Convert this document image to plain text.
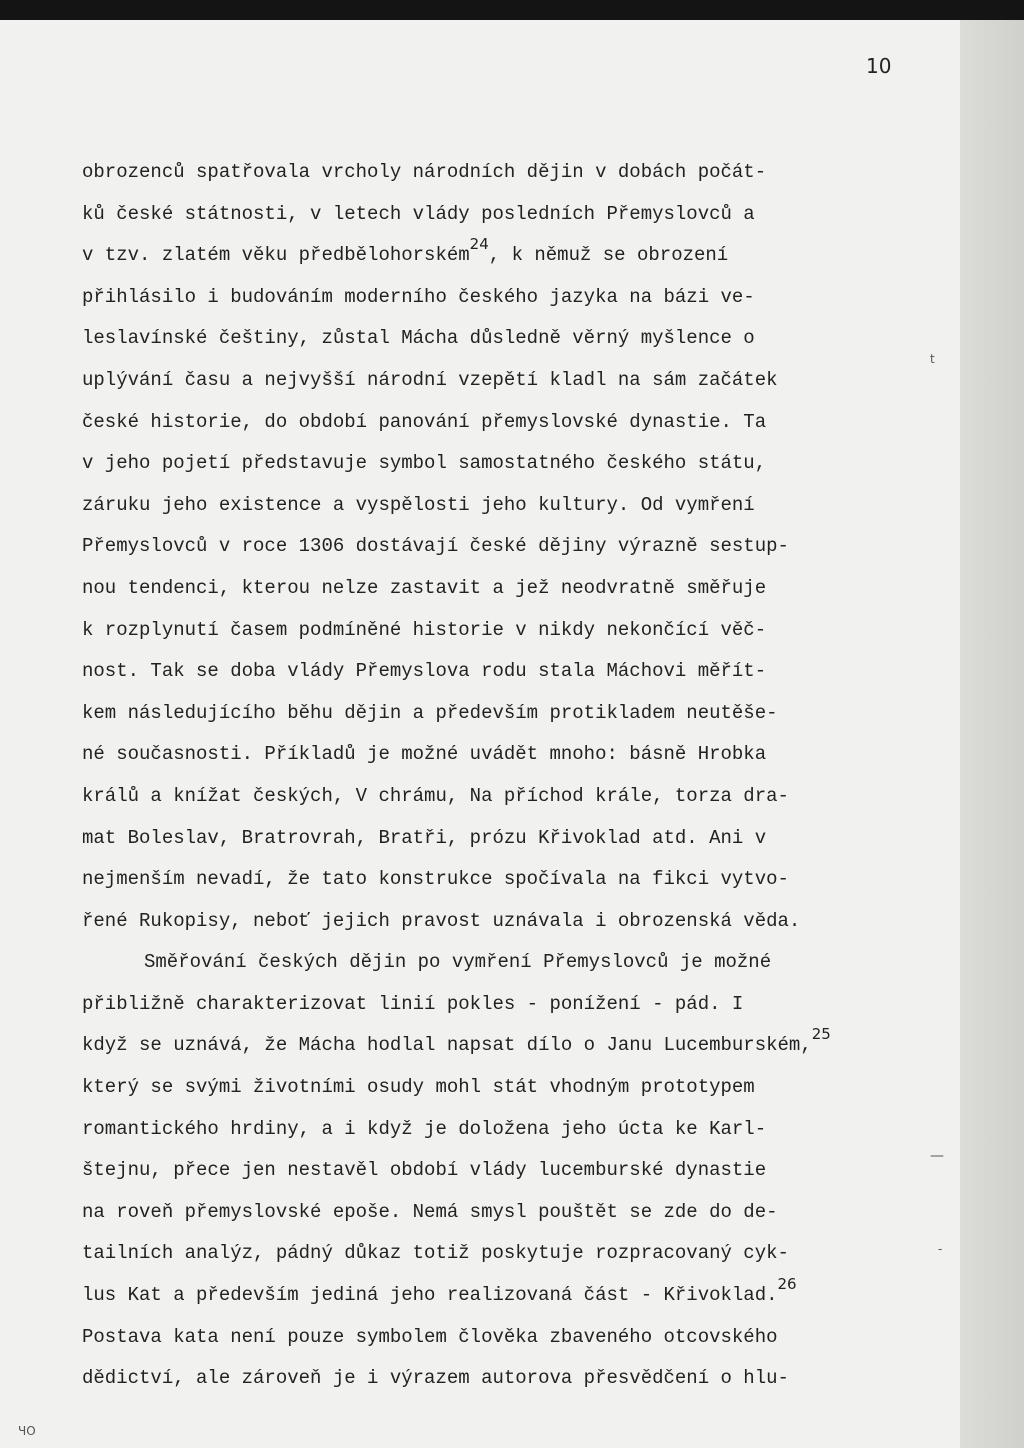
10
obrozenců spatřovala vrcholy národních dějin v dobách počát-
ků české státnosti, v letech vlády posledních Přemyslovců a
v tzv. zlatém věku předbělohorském$^{24}$, k němuž se obrození
přihlásilo i budováním moderního českého jazyka na bázi ve-
leslavínské češtiny, zůstal Mácha důsledně věrný myšlence o
uplývání času a nejvyšší národní vzepětí kladl na sám začátek
české historie, do období panování přemyslovské dynastie. Ta
v jeho pojetí představuje symbol samostatného českého státu,
záruku jeho existence a vyspělosti jeho kultury. Od vymření
Přemyslovců v roce 1306 dostávají české dějiny výrazně sestup-
nou tendenci, kterou nelze zastavit a jež neodvratně směřuje
k rozplynutí časem podmíněné historie v nikdy nekončící věč-
nost. Tak se doba vlády Přemyslova rodu stala Máchovi měřít-
kem následujícího běhu dějin a především protikladem neutěše-
né současnosti. Příkladů je možné uvádět mnoho: básně Hrobka
králů a knížat českých, V chrámu, Na příchod krále, torza dra-
mat Boleslav, Bratrovrah, Bratři, prózu Křivoklad atd. Ani v
nejmenším nevadí, že tato konstrukce spočívala na fikci vytvo-
řené Rukopisy, neboť jejich pravost uznávala i obrozenská věda.
Směřování českých dějin po vymření Přemyslovců je možné
přibližně charakterizovat linií pokles - ponížení - pád. I
když se uznává, že Mácha hodlal napsat dílo o Janu Lucemburském,$^{25}$
který se svými životními osudy mohl stát vhodným prototypem
romantického hrdiny, a i když je doložena jeho úcta ke Karl-
štejnu, přece jen nestavěl období vlády lucemburské dynastie
na roveň přemyslovské epoše. Nemá smysl pouštět se zde do de-
tailních analýz, pádný důkaz totiž poskytuje rozpracovaný cyk-
lus Kat a především jediná jeho realizovaná část - Křivoklad.$^{26}$
Postava kata není pouze symbolem člověka zbaveného otcovského
dědictví, ale zároveň je i výrazem autorova přesvědčení o hlu-
t
—
-
ЧО
